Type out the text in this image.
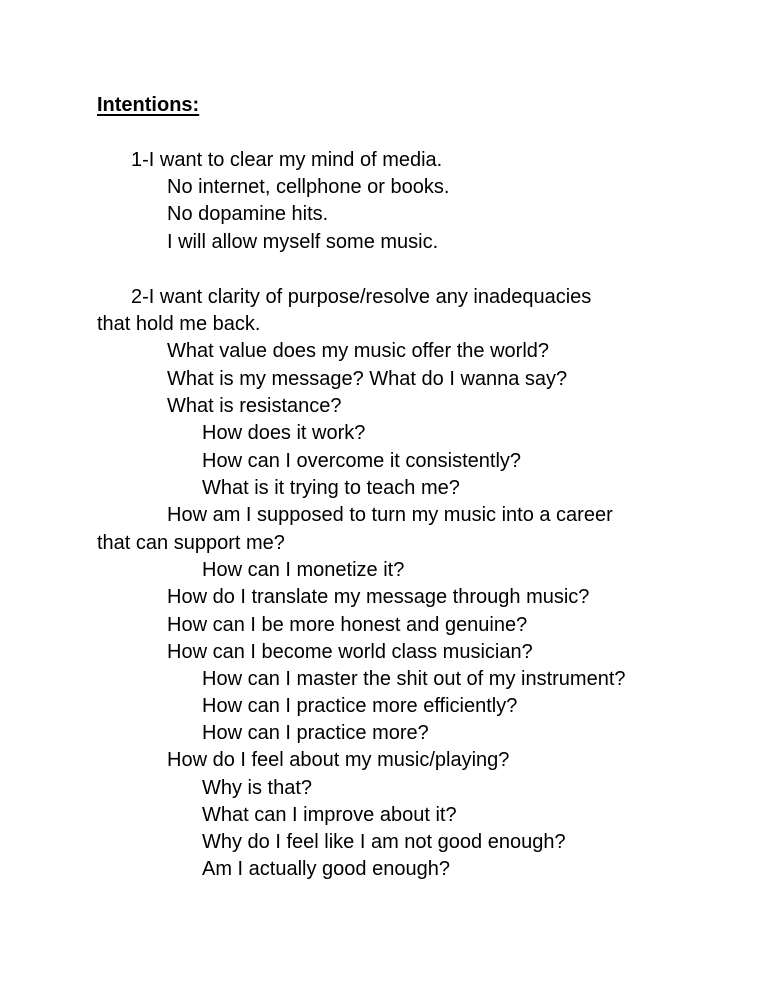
Intentions:
1-I want to clear my mind of media.
No internet, cellphone or books.
No dopamine hits.
I will allow myself some music.
2-I want clarity of purpose/resolve any inadequacies
that hold me back.
What value does my music offer the world?
What is my message? What do I wanna say?
What is resistance?
How does it work?
How can I overcome it consistently?
What is it trying to teach me?
How am I supposed to turn my music into a career
that can support me?
How can I monetize it?
How do I translate my message through music?
How can I be more honest and genuine?
How can I become world class musician?
How can I master the shit out of my instrument?
How can I practice more efficiently?
How can I practice more?
How do I feel about my music/playing?
Why is that?
What can I improve about it?
Why do I feel like I am not good enough?
Am I actually good enough?
